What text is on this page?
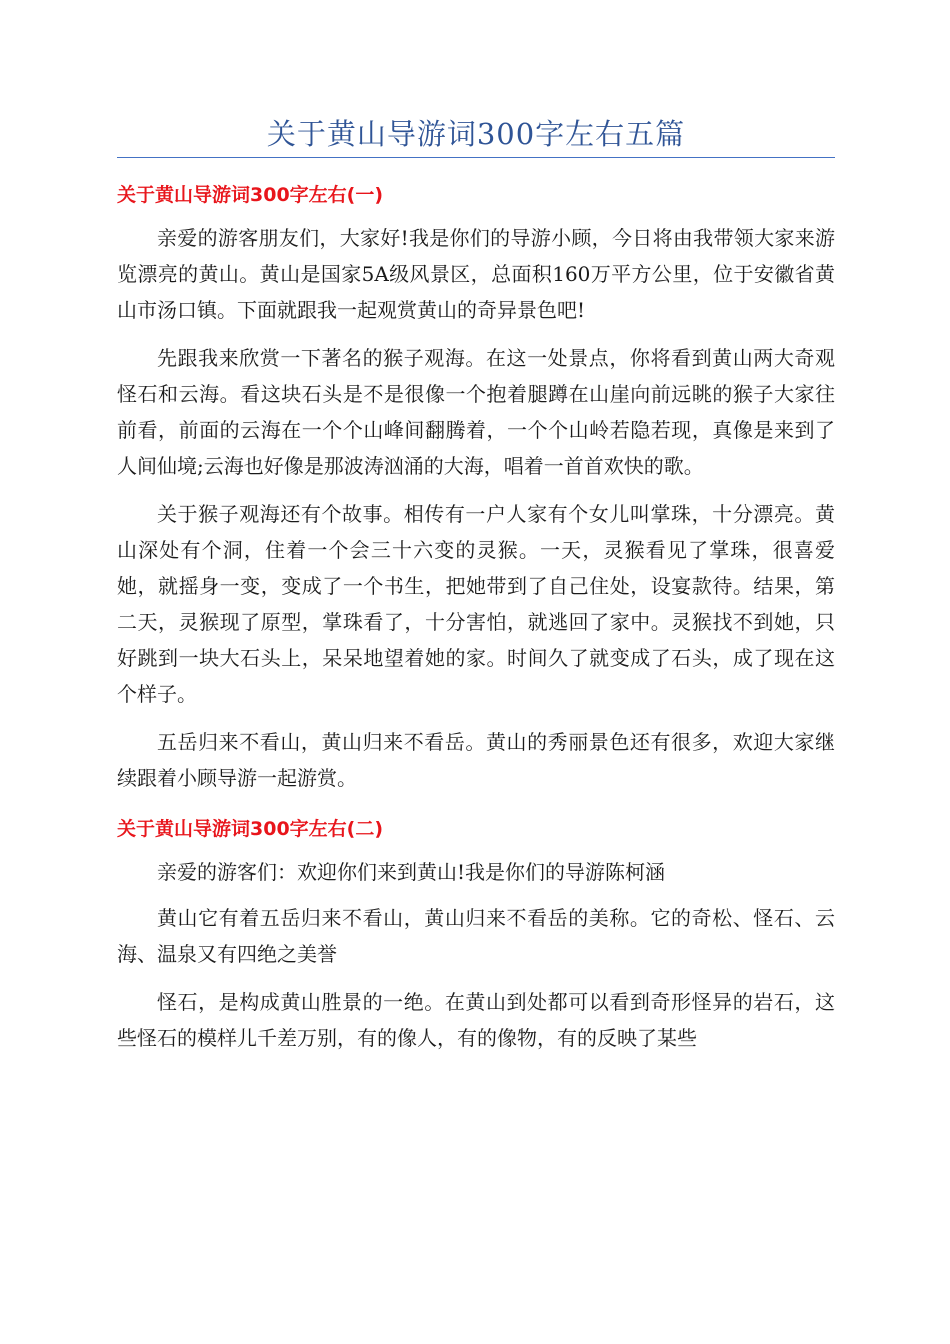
关于黄山导游词300字左右五篇
关于黄山导游词300字左右(一)

亲爱的游客朋友们，大家好!我是你们的导游小顾，今日将由我带领大家来游览漂亮的黄山。黄山是国家5A级风景区，总面积160万平方公里，位于安徽省黄山市汤口镇。下面就跟我一起观赏黄山的奇异景色吧!

先跟我来欣赏一下著名的猴子观海。在这一处景点，你将看到黄山两大奇观怪石和云海。看这块石头是不是很像一个抱着腿蹲在山崖向前远眺的猴子大家往前看，前面的云海在一个个山峰间翻腾着，一个个山岭若隐若现，真像是来到了人间仙境;云海也好像是那波涛汹涌的大海，唱着一首首欢快的歌。

关于猴子观海还有个故事。相传有一户人家有个女儿叫掌珠，十分漂亮。黄山深处有个洞，住着一个会三十六变的灵猴。一天，灵猴看见了掌珠，很喜爱她，就摇身一变，变成了一个书生，把她带到了自己住处，设宴款待。结果，第二天，灵猴现了原型，掌珠看了，十分害怕，就逃回了家中。灵猴找不到她，只好跳到一块大石头上，呆呆地望着她的家。时间久了就变成了石头，成了现在这个样子。

五岳归来不看山，黄山归来不看岳。黄山的秀丽景色还有很多，欢迎大家继续跟着小顾导游一起游赏。

关于黄山导游词300字左右(二)

亲爱的游客们：欢迎你们来到黄山!我是你们的导游陈柯涵

黄山它有着五岳归来不看山，黄山归来不看岳的美称。它的奇松、怪石、云海、温泉又有四绝之美誉

怪石，是构成黄山胜景的一绝。在黄山到处都可以看到奇形怪异的岩石，这些怪石的模样儿千差万别，有的像人，有的像物，有的反映了某些
